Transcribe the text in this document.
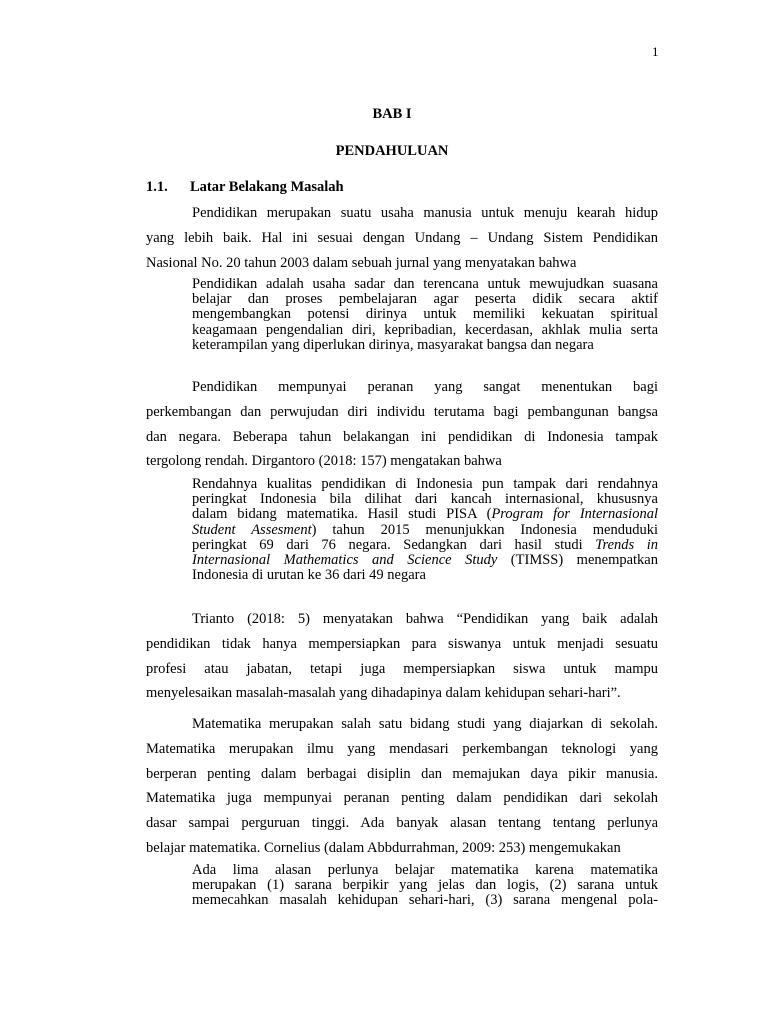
1
BAB I
PENDAHULUAN
1.1. Latar Belakang Masalah
Pendidikan merupakan suatu usaha manusia untuk menuju kearah hidup
yang lebih baik. Hal ini sesuai dengan Undang – Undang Sistem Pendidikan
Nasional No. 20 tahun 2003 dalam sebuah jurnal yang menyatakan bahwa
Pendidikan adalah usaha sadar dan terencana untuk mewujudkan suasana
belajar dan proses pembelajaran agar peserta didik secara aktif
mengembangkan potensi dirinya untuk memiliki kekuatan spiritual
keagamaan pengendalian diri, kepribadian, kecerdasan, akhlak mulia serta
keterampilan yang diperlukan dirinya, masyarakat bangsa dan negara
Pendidikan mempunyai peranan yang sangat menentukan bagi
perkembangan dan perwujudan diri individu terutama bagi pembangunan bangsa
dan negara. Beberapa tahun belakangan ini pendidikan di Indonesia tampak
tergolong rendah. Dirgantoro (2018: 157) mengatakan bahwa
Rendahnya kualitas pendidikan di Indonesia pun tampak dari rendahnya
peringkat Indonesia bila dilihat dari kancah internasional, khususnya
dalam bidang matematika. Hasil studi PISA (Program for Internasional
Student Assesment) tahun 2015 menunjukkan Indonesia menduduki
peringkat 69 dari 76 negara. Sedangkan dari hasil studi Trends in
Internasional Mathematics and Science Study (TIMSS) menempatkan
Indonesia di urutan ke 36 dari 49 negara
Trianto (2018: 5) menyatakan bahwa “Pendidikan yang baik adalah
pendidikan tidak hanya mempersiapkan para siswanya untuk menjadi sesuatu
profesi atau jabatan, tetapi juga mempersiapkan siswa untuk mampu
menyelesaikan masalah-masalah yang dihadapinya dalam kehidupan sehari-hari”.
Matematika merupakan salah satu bidang studi yang diajarkan di sekolah.
Matematika merupakan ilmu yang mendasari perkembangan teknologi yang
berperan penting dalam berbagai disiplin dan memajukan daya pikir manusia.
Matematika juga mempunyai peranan penting dalam pendidikan dari sekolah
dasar sampai perguruan tinggi. Ada banyak alasan tentang tentang perlunya
belajar matematika. Cornelius (dalam Abbdurrahman, 2009: 253) mengemukakan
Ada lima alasan perlunya belajar matematika karena matematika
merupakan (1) sarana berpikir yang jelas dan logis, (2) sarana untuk
memecahkan masalah kehidupan sehari-hari, (3) sarana mengenal pola-
